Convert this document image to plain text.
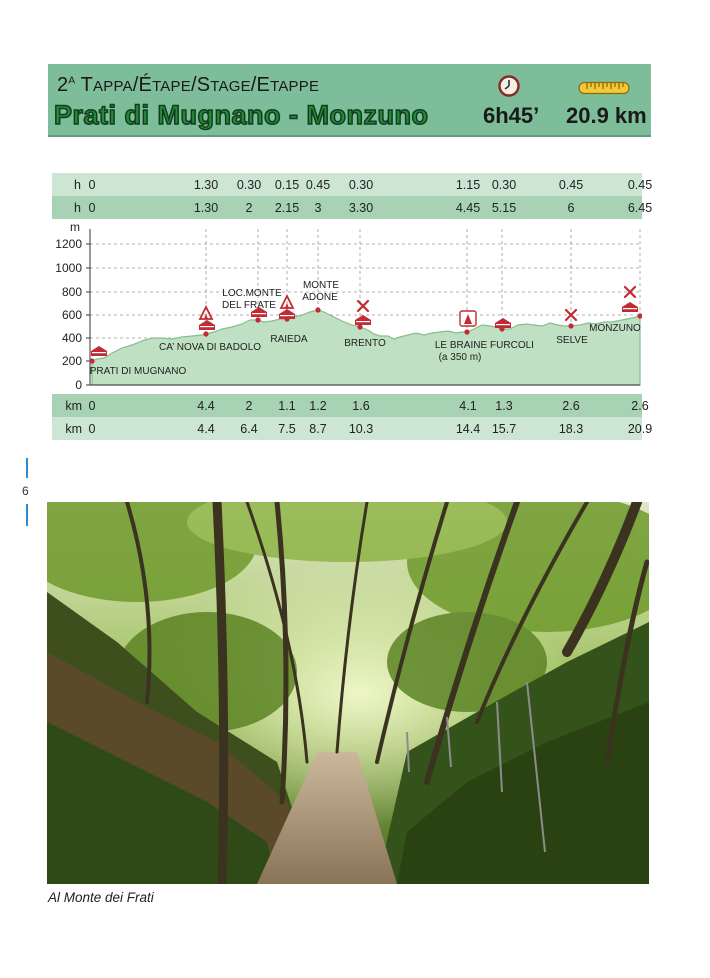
$2^A$ TAPPA/ÉTAPE/STAGE/ETAPPE
Prati di Mugnano - Monzuno 6h45’ 20.9 km
h 0	1.30 0.30 0.15 0.45 0.30	1.15 0.30	0.45	0.45
h 0	1.30 2 2.15 3 3.30	4.45 5.15	6	6.45
m
1200
1000
800
600
400
200
0
PRATI DI MUGNANO
CA’ NOVA DI BADOLO
LOC.MONTE
DEL FRATE
RAIEDA
MONTE
ADONE
BRENTO	LE BRAINE
(a 350 m)
FURCOLI SELVE
MONZUNO
km 0	4.4 2 1.1 1.2 1.6	4.1 1.3	2.6	2.6
km 0	4.4 6.4 7.5 8.7 10.3	14.4 15.7	18.3	20.9
6
Al Monte dei Frati
